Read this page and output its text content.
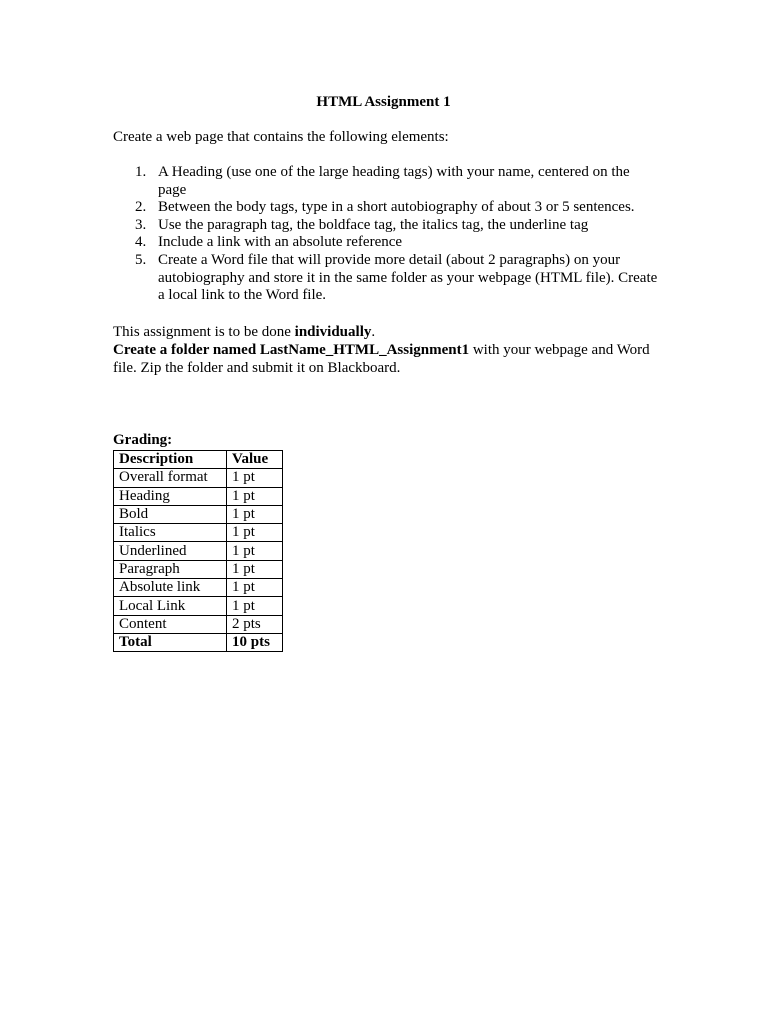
HTML Assignment 1
Create a web page that contains the following elements:
1. A Heading (use one of the large heading tags) with your name, centered on the page
2. Between the body tags, type in a short autobiography of about 3 or 5 sentences.
3. Use the paragraph tag, the boldface tag, the italics tag, the underline tag
4. Include a link with an absolute reference
5. Create a Word file that will provide more detail (about 2 paragraphs) on your autobiography and store it in the same folder as your webpage (HTML file). Create a local link to the Word file.

This assignment is to be done individually.

Create a folder named LastName_HTML_Assignment1 with your webpage and Word file. Zip the folder and submit it on Blackboard.

Grading:
Description	Value
Overall format	1 pt
Heading	1 pt
Bold	1 pt
Italics	1 pt
Underlined	1 pt
Paragraph	1 pt
Absolute link	1 pt
Local Link	1 pt
Content	2 pts
Total	10 pts
